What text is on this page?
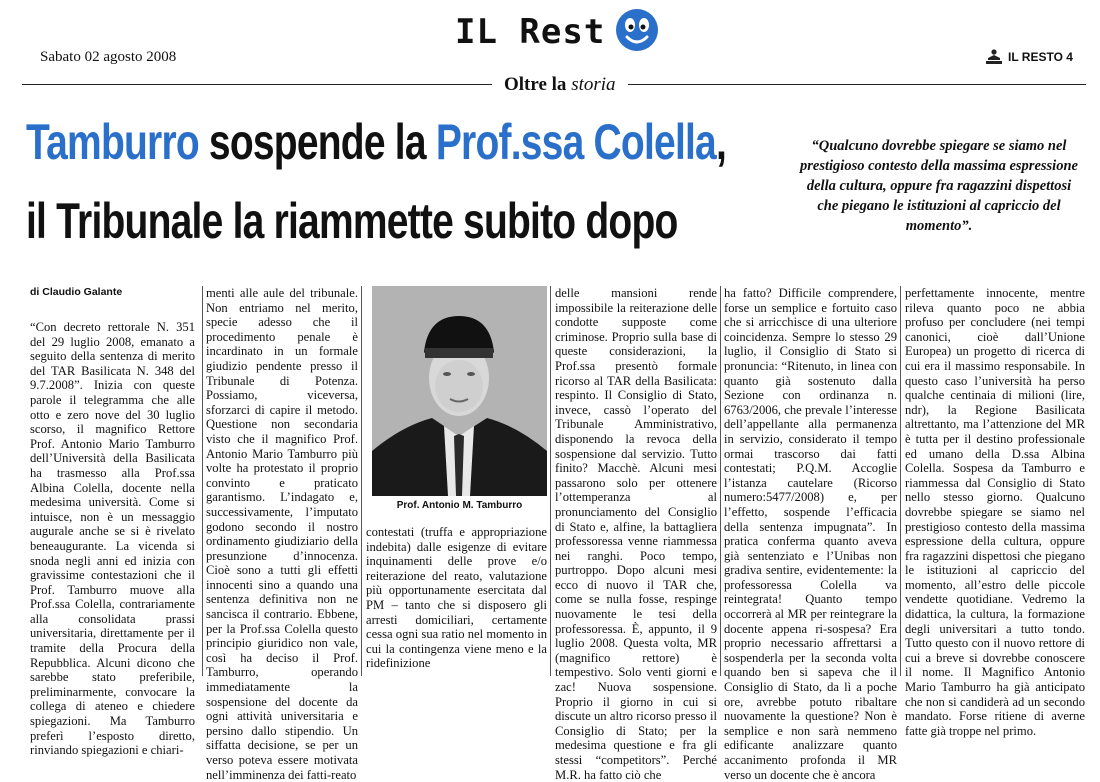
IL Rest
Sabato 02 agosto 2008	IL RESTO 4
Oltre la storia
Tamburro sospende la Prof.ssa Colella,
il Tribunale la riammette subito dopo
“Qualcuno dovrebbe spiegare se siamo nel prestigioso contesto della massima espressione della cultura, oppure fra ragazzini dispettosi che piegano le istituzioni al capriccio del momento”.
di Claudio Galante

“Con decreto rettorale N. 351 del 29 luglio 2008, emanato a seguito della sentenza di merito del TAR Basilicata N. 348 del 9.7.2008”. Inizia con queste parole il telegramma che alle otto e zero nove del 30 luglio scorso, il magnifico Rettore Prof. Antonio Mario Tamburro dell’Università della Basilicata ha trasmesso alla Prof.ssa Albina Colella, docente nella medesima università. Come si intuisce, non è un messaggio augurale anche se si è rivelato beneaugurante. La vicenda si snoda negli anni ed inizia con gravissime contestazioni che il Prof. Tamburro muove alla Prof.ssa Colella, contrariamente alla consolidata prassi universitaria, direttamente per il tramite della Procura della Repubblica. Alcuni dicono che sarebbe stato preferibile, preliminarmente, convocare la collega di ateneo e chiedere spiegazioni. Ma Tamburro preferì l’esposto diretto, rinviando spiegazioni e chiari-

menti alle aule del tribunale. Non entriamo nel merito, specie adesso che il procedimento penale è incardinato in un formale giudizio pendente presso il Tribunale di Potenza. Possiamo, viceversa, sforzarci di capire il metodo. Questione non secondaria visto che il magnifico Prof. Antonio Mario Tamburro più volte ha protestato il proprio convinto e praticato garantismo. L’indagato e, successivamente, l’imputato godono secondo il nostro ordinamento giudiziario della presunzione d’innocenza. Cioè sono a tutti gli effetti innocenti sino a quando una sentenza definitiva non ne sancisca il contrario. Ebbene, per la Prof.ssa Colella questo principio giuridico non vale, così ha deciso il Prof. Tamburro, operando immediatamente la sospensione del docente da ogni attività universitaria e persino dallo stipendio. Un siffatta decisione, se per un verso poteva essere motivata nell’imminenza dei fatti-reato

Prof. Antonio M. Tamburro

contestati (truffa e appropriazione indebita) dalle esigenze di evitare inquinamenti delle prove e/o reiterazione del reato, valutazione più opportunamente esercitata dal PM – tanto che si disposero gli arresti domiciliari, certamente cessa ogni sua ratio nel momento in cui la contingenza viene meno e la ridefinizione

delle mansioni rende impossibile la reiterazione delle condotte supposte come criminose. Proprio sulla base di queste considerazioni, la Prof.ssa presentò formale ricorso al TAR della Basilicata: respinto. Il Consiglio di Stato, invece, cassò l’operato del Tribunale Amministrativo, disponendo la revoca della sospensione dal servizio. Tutto finito? Macchè. Alcuni mesi passarono solo per ottenere l’ottemperanza al pronunciamento del Consiglio di Stato e, alfine, la battagliera professoressa venne riammessa nei ranghi. Poco tempo, purtroppo. Dopo alcuni mesi ecco di nuovo il TAR che, come se nulla fosse, respinge nuovamente le tesi della professoressa. È, appunto, il 9 luglio 2008. Questa volta, MR (magnifico rettore) è tempestivo. Solo venti giorni e zac! Nuova sospensione. Proprio il giorno in cui si discute un altro ricorso presso il Consiglio di Stato; per la medesima questione e fra gli stessi “competitors”. Perché M.R. ha fatto ciò che

ha fatto? Difficile comprendere, forse un semplice e fortuito caso che si arricchisce di una ulteriore coincidenza. Sempre lo stesso 29 luglio, il Consiglio di Stato si pronuncia: “Ritenuto, in linea con quanto già sostenuto dalla Sezione con ordinanza n. 6763/2006, che prevale l’interesse dell’appellante alla permanenza in servizio, considerato il tempo ormai trascorso dai fatti contestati; P.Q.M. Accoglie l’istanza cautelare (Ricorso numero:5477/2008) e, per l’effetto, sospende l’efficacia della sentenza impugnata”. In pratica conferma quanto aveva già sentenziato e l’Unibas non gradiva sentire, evidentemente: la professoressa Colella va reintegrata! Quanto tempo occorrerà al MR per reintegrare la docente appena ri-sospesa? Era proprio necessario affrettarsi a sospenderla per la seconda volta quando ben si sapeva che il Consiglio di Stato, da lì a poche ore, avrebbe potuto ribaltare nuovamente la questione? Non è semplice e non sarà nemmeno edificante analizzare quanto accanimento profonda il MR verso un docente che è ancora

perfettamente innocente, mentre rileva quanto poco ne abbia profuso per concludere (nei tempi canonici, cioè dall’Unione Europea) un progetto di ricerca di cui era il massimo responsabile. In questo caso l’università ha perso qualche centinaia di milioni (lire, ndr), la Regione Basilicata altrettanto, ma l’attenzione del MR è tutta per il destino professionale ed umano della D.ssa Albina Colella. Sospesa da Tamburro e riammessa dal Consiglio di Stato nello stesso giorno. Qualcuno dovrebbe spiegare se siamo nel prestigioso contesto della massima espressione della cultura, oppure fra ragazzini dispettosi che piegano le istituzioni al capriccio del momento, all’estro delle piccole vendette quotidiane. Vedremo la didattica, la cultura, la formazione degli universitari a tutto tondo. Tutto questo con il nuovo rettore di cui a breve si dovrebbe conoscere il nome. Il Magnifico Antonio Mario Tamburro ha già anticipato che non si candiderà ad un secondo mandato. Forse ritiene di averne fatte già troppe nel primo.
